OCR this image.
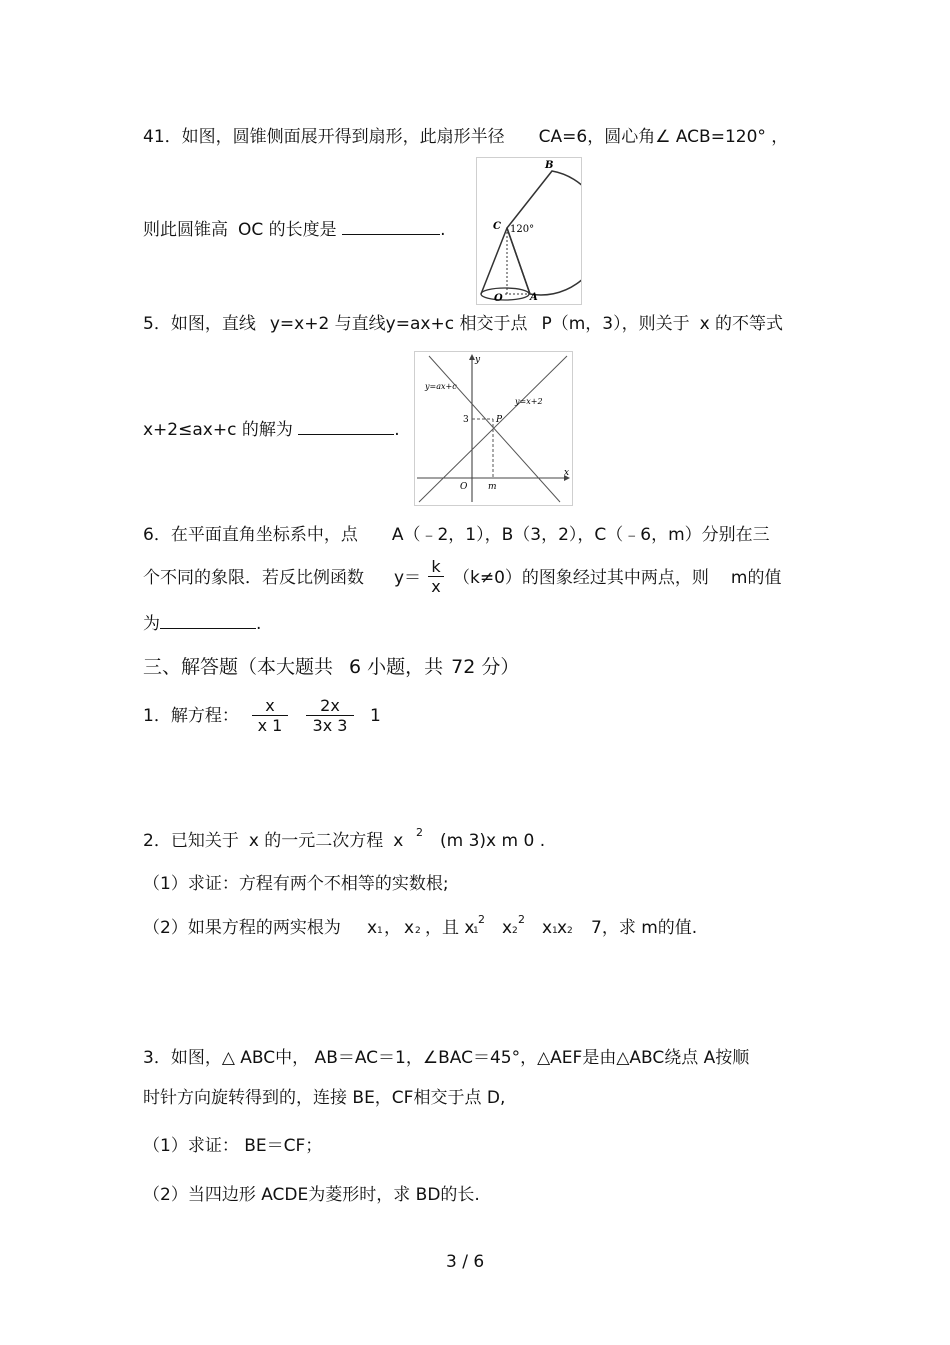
41．如图，圆锥侧面展开得到扇形，此扇形半径 CA=6，圆心角∠ ACB=120° ，
则此圆锥高 OC 的长度是	.
B
C 120°
O	A
5．如图，直线 y=x+2 与直线y=ax+c 相交于点 P（m，3），则关于 x 的不等式
x+2≤ax+c 的解为	.
y
x
O
3
m
P
y=ax+c
y=x+2
6．在平面直角坐标系中，点 A（﹣2，1），B（3，2），C（﹣6，m）分别在三
个不同的象限．若反比例函数 $y= \frac{k}{x} (k\ne 0)$的图象经过其中两点，则 m的值
为	.
三、解答题（本大题共 6 小题，共 72 分）
1．解方程： $\frac{x}{x 1} \frac{2x}{3x 3} 1$
2．已知关于 x 的一元二次方程 x 2 (m 3)x m 0 .
（1）求证：方程有两个不相等的实数根;
（2）如果方程的两实根为 x 1 ， x 2 ，且 x
1
2 x 2
2 x 1 x 2 7，求 m的值.
3．如图，△ ABC中， AB＝AC＝1，∠BAC＝45°，△AEF是由△ABC绕点 A按顺
时针方向旋转得到的，连接 BE，CF相交于点 D,
（1）求证： BE＝CF；
（2）当四边形 ACDE为菱形时，求 BD的长.
3 / 6
